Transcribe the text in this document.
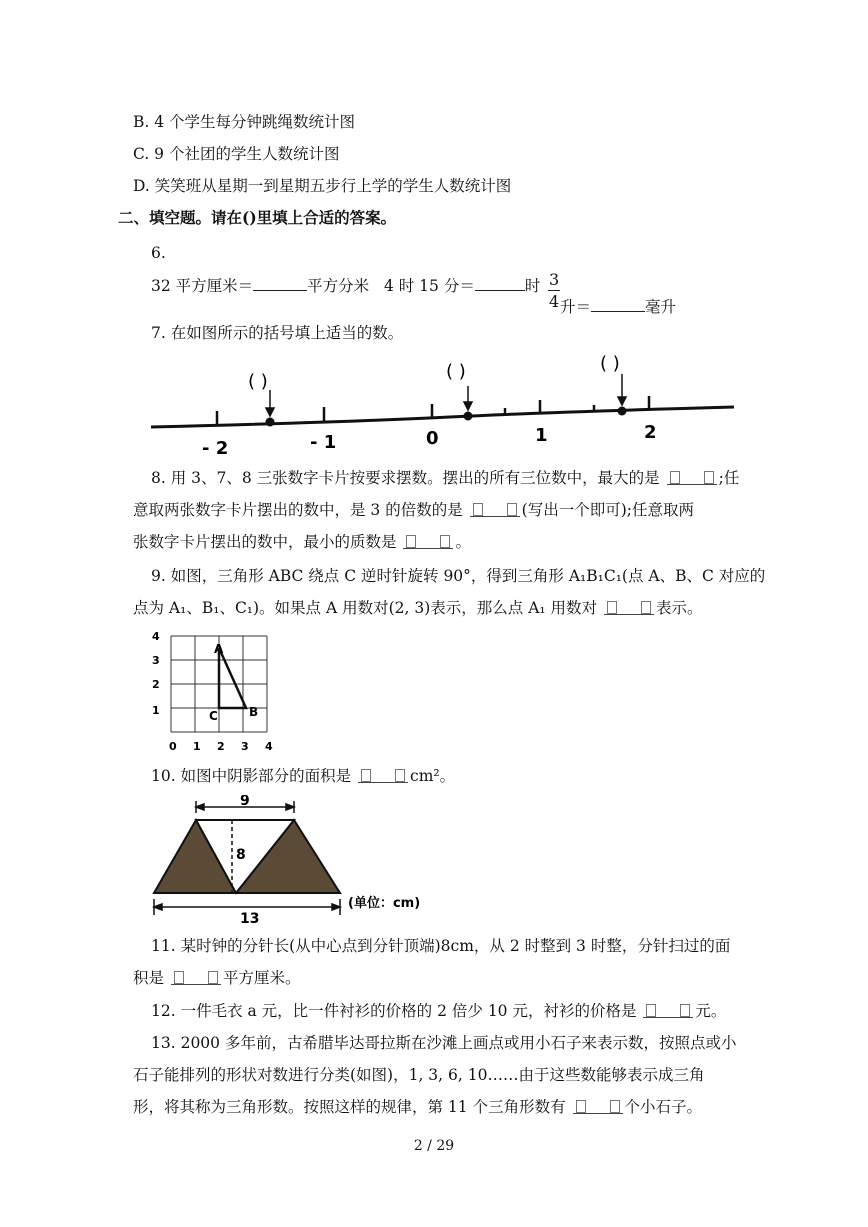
B. 4 个学生每分钟跳绳数统计图
C. 9 个社团的学生人数统计图
D. 笑笑班从星期一到星期五步行上学的学生人数统计图
二、填空题。请在()里填上合适的答案。
6.
32 平方厘米＝	平方分米 4 时 15 分＝	时 3
4 升＝	毫升
7. 在如图所示的括号填上适当的数。
( )	( )	( )
- 2	- 1	0	1	2
8. 用 3、7、8 三张数字卡片按要求摆数。摆出的所有三位数中，最大的是	;任
意取两张数字卡片摆出的数中，是 3 的倍数的是	(写出一个即可);任意取两
张数字卡片摆出的数中，最小的质数是	。
9. 如图，三角形 ABC 绕点 C 逆时针旋转 90°，得到三角形 A₁B₁C₁(点 A、B、C 对应的
点为 A₁、B₁、C₁)。如果点 A 用数对(2, 3)表示，那么点 A₁ 用数对	表示。
A
B
C
4
3
2
1
0 1 2 3 4
10. 如图中阴影部分的面积是	cm²。
9
8
13
(单位：cm)
11. 某时钟的分针长(从中心点到分针顶端)8cm，从 2 时整到 3 时整，分针扫过的面
积是	平方厘米。
12. 一件毛衣 a 元，比一件衬衫的价格的 2 倍少 10 元，衬衫的价格是	元。
13. 2000 多年前，古希腊毕达哥拉斯在沙滩上画点或用小石子来表示数，按照点或小
石子能排列的形状对数进行分类(如图)，1, 3, 6, 10……由于这些数能够表示成三角
形，将其称为三角形数。按照这样的规律，第 11 个三角形数有	个小石子。
2 / 29
